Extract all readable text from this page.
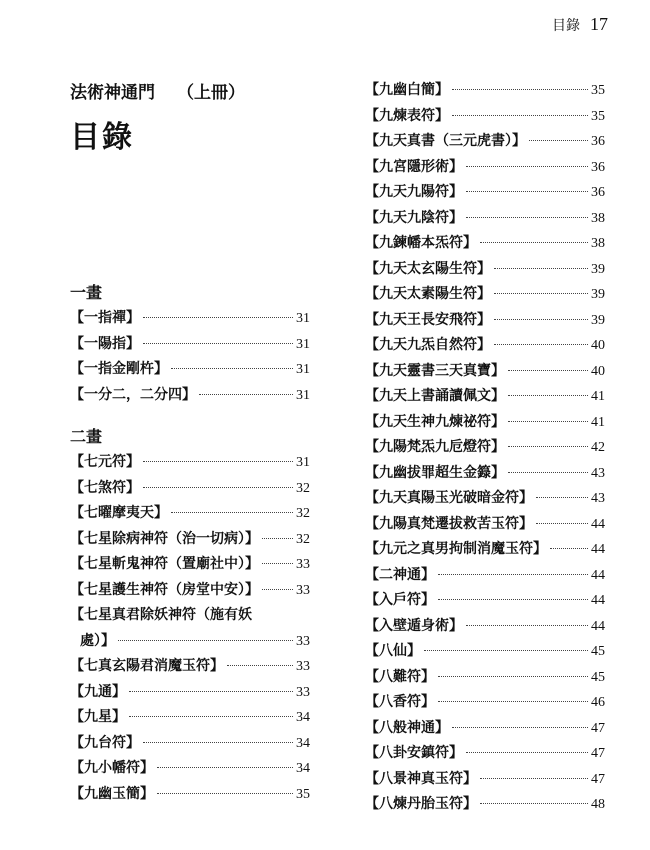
目錄 17
法術神通門 （上冊）
目錄
一畫
【一指禪】	31
【一陽指】	31
【一指金剛杵】	31
【一分二，二分四】	31
二畫
【七元符】	31
【七煞符】	32
【七曜摩夷天】	32
【七星除病神符（治一切病）】	32
【七星斬鬼神符（置廟社中）】	33
【七星護生神符（房堂中安）】	33
【七星真君除妖神符（施有妖
處）】	33
【七真玄陽君消魔玉符】	33
【九通】	33
【九星】	34
【九台符】	34
【九小幡符】	34
【九幽玉簡】	35
【九幽白簡】	35
【九煉表符】	35
【九天真書（三元虎書）】	36
【九宮隱形術】	36
【九天九陽符】	36
【九天九陰符】	38
【九鍊幡本炁符】	38
【九天太玄陽生符】	39
【九天太素陽生符】	39
【九天王長安飛符】	39
【九天九炁自然符】	40
【九天靈書三天真寶】	40
【九天上書誦讀佩文】	41
【九天生神九煉祕符】	41
【九陽梵炁九卮燈符】	42
【九幽拔罪超生金籙】	43
【九天真陽玉光破暗金符】	43
【九陽真梵遷拔救苦玉符】	44
【九元之真男拘制消魔玉符】	44
【二神通】	44
【入戶符】	44
【入壁遁身術】	44
【八仙】	45
【八難符】	45
【八香符】	46
【八般神通】	47
【八卦安鎮符】	47
【八景神真玉符】	47
【八煉丹胎玉符】	48
